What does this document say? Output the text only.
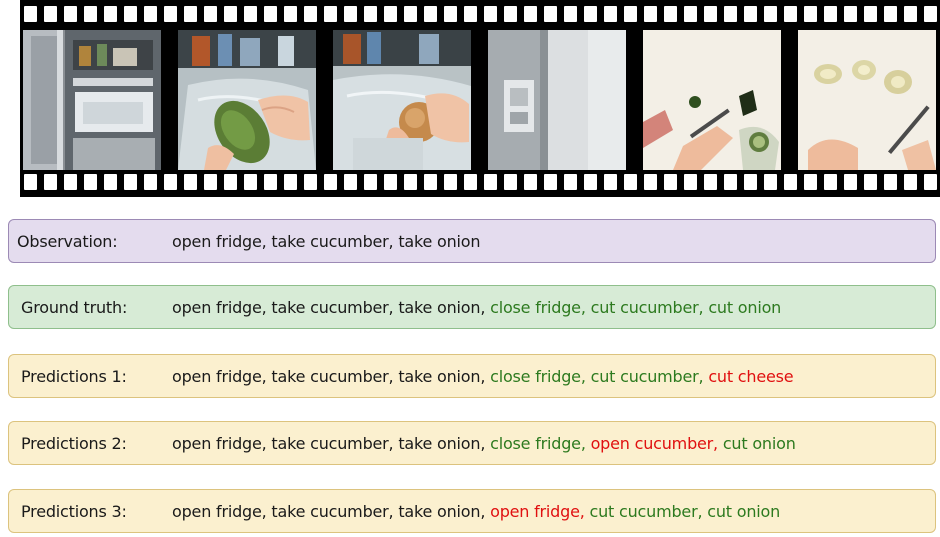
Observation:	open fridge, take cucumber, take onion
Ground truth:	open fridge, take cucumber, take onion, close fridge, cut cucumber, cut onion
Predictions 1:	open fridge, take cucumber, take onion, close fridge, cut cucumber, cut cheese
Predictions 2:	open fridge, take cucumber, take onion, close fridge, open cucumber, cut onion
Predictions 3:	open fridge, take cucumber, take onion, open fridge, cut cucumber, cut onion
